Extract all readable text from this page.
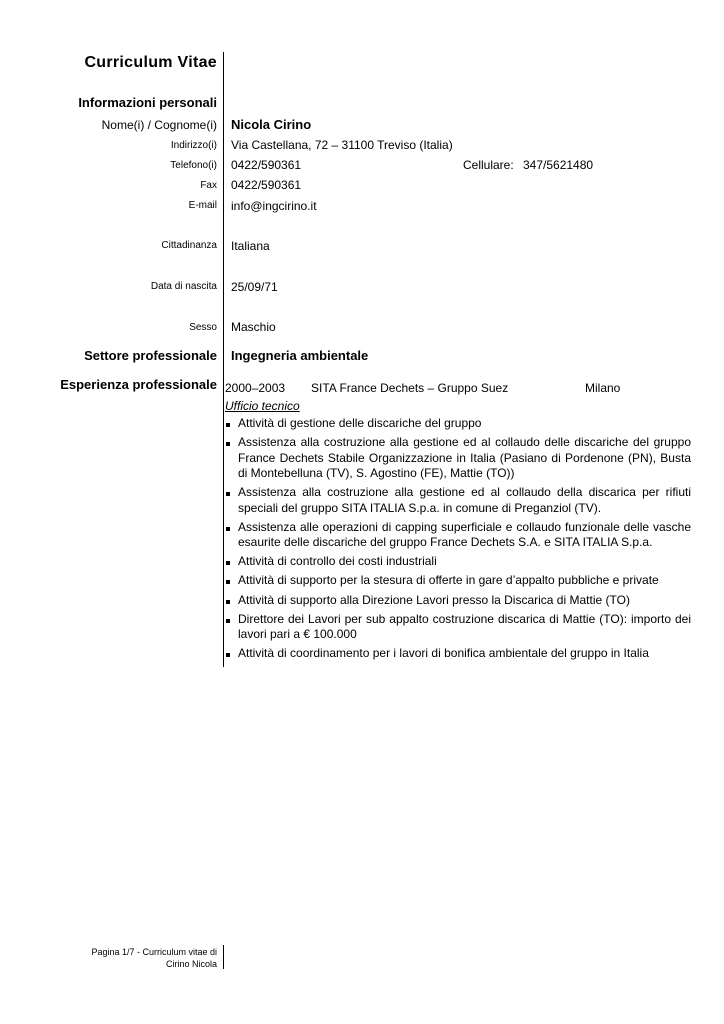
Curriculum Vitae
Informazioni personali
Nome(i) / Cognome(i) Nicola Cirino
Indirizzo(i) Via Castellana, 72 – 31100 Treviso (Italia)
Telefono(i) 0422/590361	Cellulare: 347/5621480
Fax 0422/590361
E-mail info@ingcirino.it
Cittadinanza Italiana
Data di nascita 25/09/71
Sesso Maschio
Settore professionale Ingegneria ambientale
Esperienza professionale 2000–2003 SITA France Dechets – Gruppo Suez	Milano
Ufficio tecnico
Attività di gestione delle discariche del gruppo
Assistenza alla costruzione alla gestione ed al collaudo delle discariche del gruppo France Dechets Stabile Organizzazione in Italia (Pasiano di Pordenone (PN), Busta di Montebelluna (TV), S. Agostino (FE), Mattie (TO))
Assistenza alla costruzione alla gestione ed al collaudo della discarica per rifiuti speciali del gruppo SITA ITALIA S.p.a. in comune di Preganziol (TV).
Assistenza alle operazioni di capping superficiale e collaudo funzionale delle vasche esaurite delle discariche del gruppo France Dechets S.A. e SITA ITALIA S.p.a.
Attività di controllo dei costi industriali
Attività di supporto per la stesura di offerte in gare d’appalto pubbliche e private
Attività di supporto alla Direzione Lavori presso la Discarica di Mattie (TO)
Direttore dei Lavori per sub appalto costruzione discarica di Mattie (TO): importo dei lavori pari a € 100.000
Attività di coordinamento per i lavori di bonifica ambientale del gruppo in Italia
Pagina 1/7 - Curriculum vitae di
Cirino Nicola
